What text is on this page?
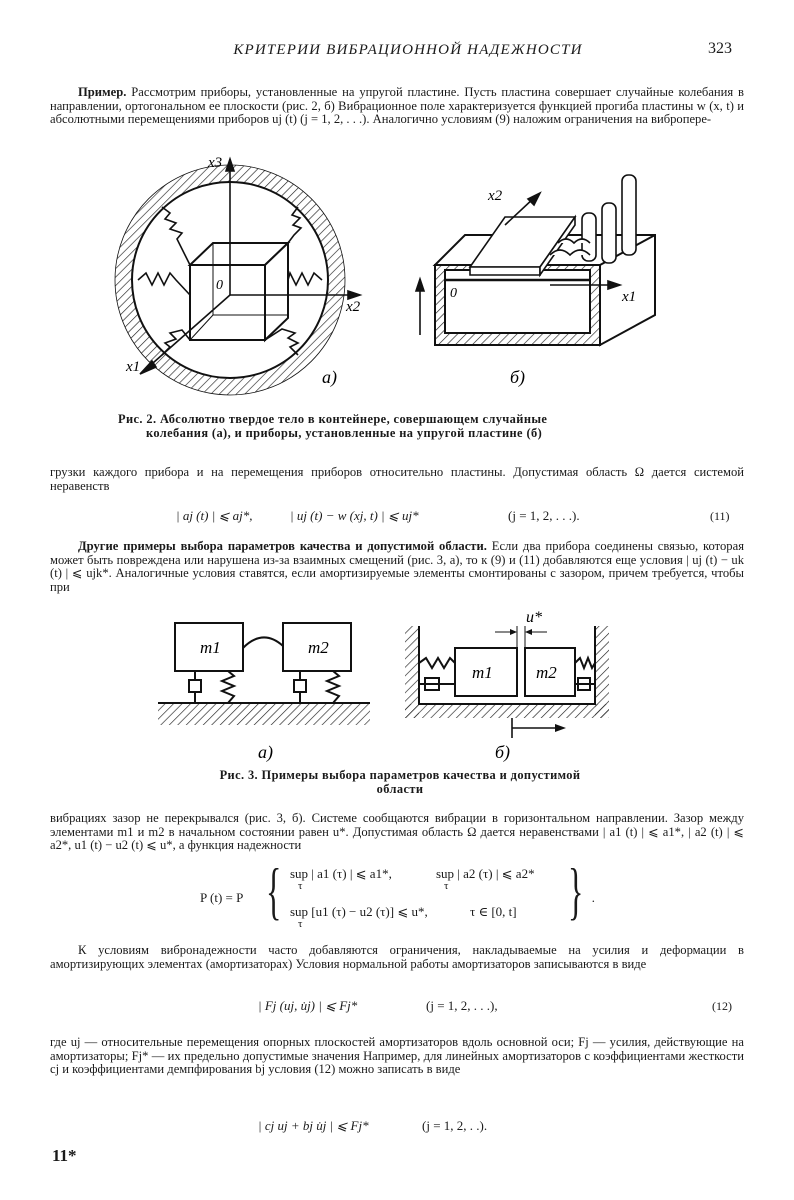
КРИТЕРИИ ВИБРАЦИОННОЙ НАДЕЖНОСТИ	323
Пример. Рассмотрим приборы, установленные на упругой пластине. Пусть пластина совершает случайные колебания в направлении, ортогональном ее плоскости (рис. 2, б) Вибрационное поле характеризуется функцией прогиба пластины w (x, t) и абсолютными перемещениями приборов uj (t) (j = 1, 2, . . .). Аналогично условиям (9) наложим ограничения на вибропере-
x3
x2
x1
0
а)
x2
x1
0
б)
Рис. 2. Абсолютно твердое тело в контейнере, совершающем случайные
колебания (а), и приборы, установленные на упругой пластине (б)
грузки каждого прибора и на перемещения приборов относительно пластины. Допустимая область Ω дается системой неравенств
| aj (t) | ⩽ aj*,	| uj (t) − w (xj, t) | ⩽ uj*	(j = 1, 2, . . .).	(11)
Другие примеры выбора параметров качества и допустимой области. Если два прибора соединены связью, которая может быть повреждена или нарушена из-за взаимных смещений (рис. 3, а), то к (9) и (11) добавляются еще условия | uj (t) − uk (t) | ⩽ ujk*. Аналогичные условия ставятся, если амортизируемые элементы смонтированы с зазором, причем требуется, чтобы при
m1	m2
а)
u*
m1	m2
б)
Рис. 3. Примеры выбора параметров качества и допустимой
области
вибрациях зазор не перекрывался (рис. 3, б). Системе сообщаются вибрации в горизонтальном направлении. Зазор между элементами m1 и m2 в начальном состоянии равен u*. Допустимая область Ω дается неравенствами | a1 (t) | ⩽ a1*, | a2 (t) | ⩽ a2*, u1 (t) − u2 (t) ⩽ u*, а функция надежности
P (t) = P { sup | a1 (τ) | ⩽ a1*,
τ
sup | a2 (τ) | ⩽ a2*
τ
sup [u1 (τ) − u2 (τ)] ⩽ u*,
τ
τ ∈ [0, t] } .
К условиям вибронадежности часто добавляются ограничения, накладываемые на усилия и деформации в амортизирующих элементах (амортизаторах) Условия нормальной работы амортизаторов записываются в виде
| Fj (uj, u̇j) | ⩽ Fj*	(j = 1, 2, . . .),	(12)
где uj — относительные перемещения опорных плоскостей амортизаторов вдоль основной оси; Fj — усилия, действующие на амортизаторы; Fj* — их предельно допустимые значения Например, для линейных амортизаторов с коэффициентами жесткости cj и коэффициентами демпфирования bj условия (12) можно записать в виде
| cj uj + bj u̇j | ⩽ Fj*	(j = 1, 2, . .).
11*
